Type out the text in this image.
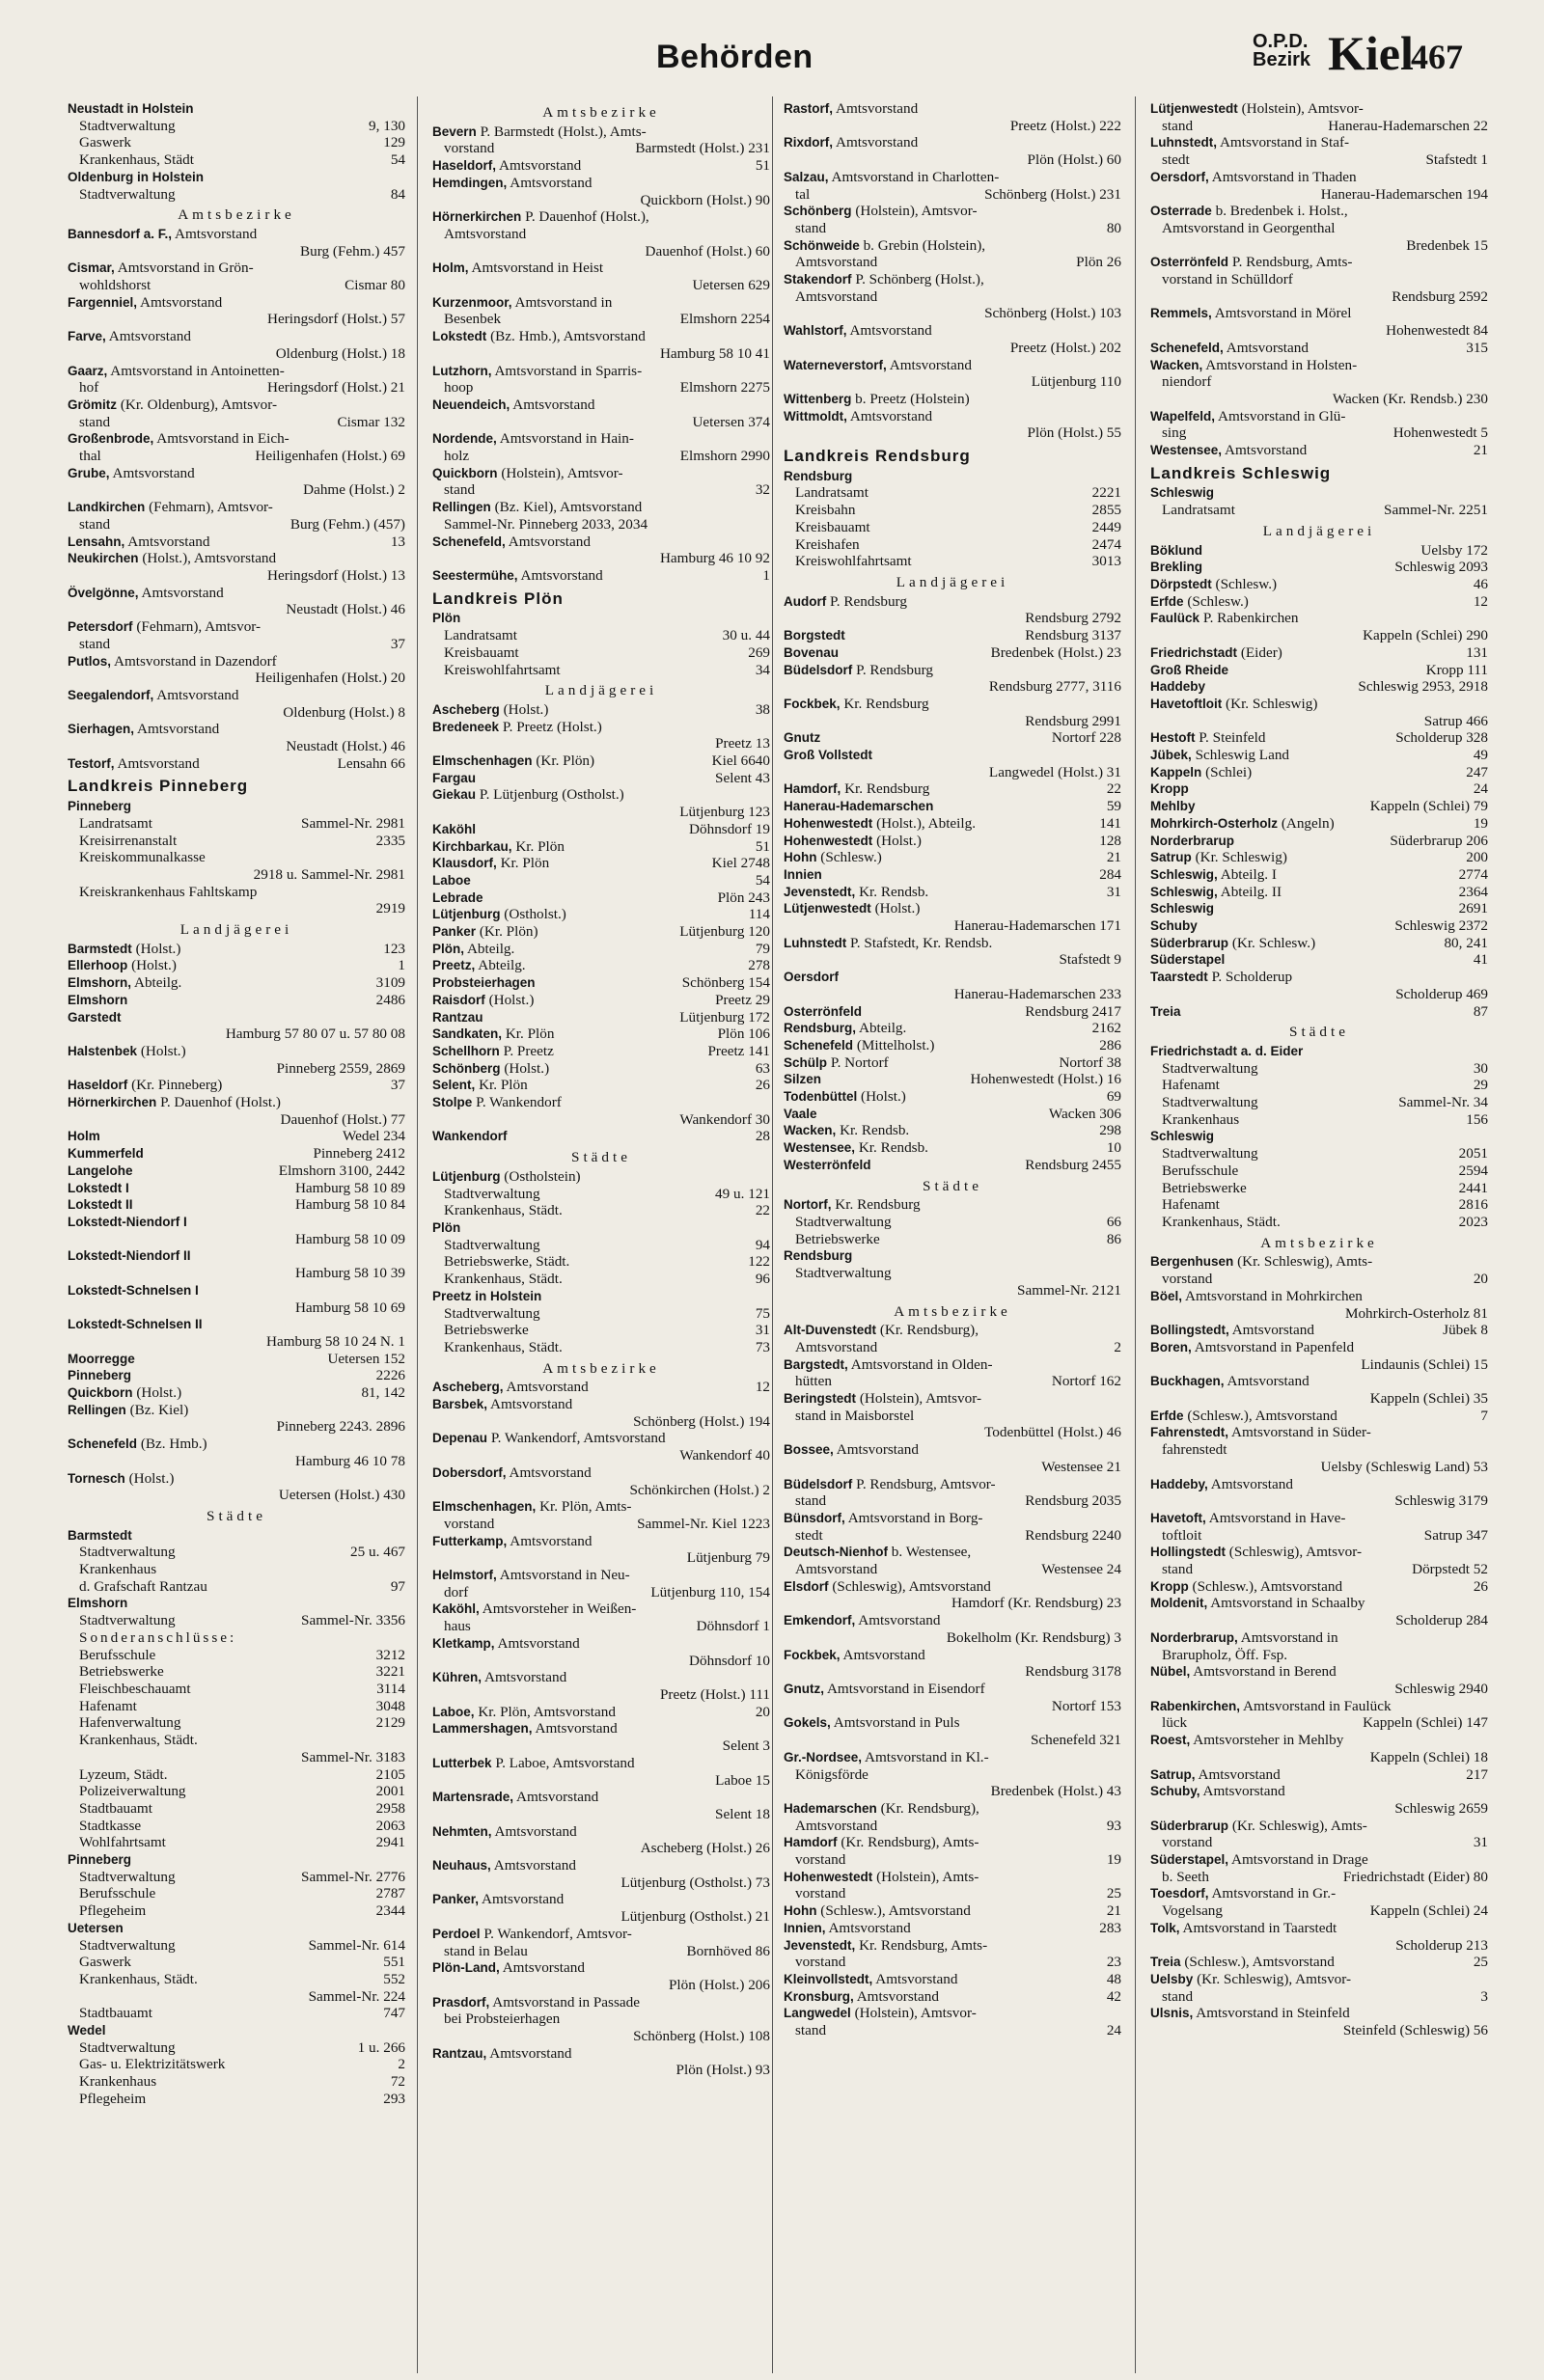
Behörden	O.P.D.
Bezirk Kiel
467
Neustadt in Holstein
Stadtverwaltung	9, 130
Gaswerk	129
Krankenhaus, Städt	54
Oldenburg in Holstein
Stadtverwaltung	84
Amtsbezirke
Bannesdorf a. F., Amtsvorstand
Burg (Fehm.) 457
Cismar, Amtsvorstand in Grön-
wohldshorst	Cismar 80
Fargenniel, Amtsvorstand
Heringsdorf (Holst.) 57
Farve, Amtsvorstand
Oldenburg (Holst.) 18
Gaarz, Amtsvorstand in Antoinetten-
hof	Heringsdorf (Holst.) 21
Grömitz (Kr. Oldenburg), Amtsvor-
stand	Cismar 132
Großenbrode, Amtsvorstand in Eich-
thal	Heiligenhafen (Holst.) 69
Grube, Amtsvorstand
Dahme (Holst.) 2
Landkirchen (Fehmarn), Amtsvor-
stand	Burg (Fehm.) (457)
Lensahn, Amtsvorstand	13
Neukirchen (Holst.), Amtsvorstand
Heringsdorf (Holst.) 13
Övelgönne, Amtsvorstand
Neustadt (Holst.) 46
Petersdorf (Fehmarn), Amtsvor-
stand	37
Putlos, Amtsvorstand in Dazendorf
Heiligenhafen (Holst.) 20
Seegalendorf, Amtsvorstand
Oldenburg (Holst.) 8
Sierhagen, Amtsvorstand
Neustadt (Holst.) 46
Testorf, Amtsvorstand	Lensahn 66
Landkreis Pinneberg
Pinneberg
Landratsamt	Sammel-Nr. 2981
Kreisirrenanstalt	2335
Kreiskommunalkasse
2918 u. Sammel-Nr. 2981
Kreiskrankenhaus Fahltskamp
2919
Landjägerei
Barmstedt (Holst.)	123
Ellerhoop (Holst.)	1
Elmshorn, Abteilg.	3109
Elmshorn	2486
Garstedt
Hamburg 57 80 07 u. 57 80 08
Halstenbek (Holst.)
Pinneberg 2559, 2869
Haseldorf (Kr. Pinneberg)	37
Hörnerkirchen P. Dauenhof (Holst.)
Dauenhof (Holst.) 77
Holm	Wedel 234
Kummerfeld	Pinneberg 2412
Langelohe	Elmshorn 3100, 2442
Lokstedt I	Hamburg 58 10 89
Lokstedt II	Hamburg 58 10 84
Lokstedt-Niendorf I
Hamburg 58 10 09
Lokstedt-Niendorf II
Hamburg 58 10 39
Lokstedt-Schnelsen I
Hamburg 58 10 69
Lokstedt-Schnelsen II
Hamburg 58 10 24 N. 1
Moorregge	Uetersen 152
Pinneberg	2226
Quickborn (Holst.)	81, 142
Rellingen (Bz. Kiel)
Pinneberg 2243. 2896
Schenefeld (Bz. Hmb.)
Hamburg 46 10 78
Tornesch (Holst.)
Uetersen (Holst.) 430
Städte
Barmstedt
Stadtverwaltung	25 u. 467
Krankenhaus
d. Grafschaft Rantzau	97
Elmshorn
Stadtverwaltung	Sammel-Nr. 3356
Sonderanschlüsse:
Berufsschule	3212
Betriebswerke	3221
Fleischbeschauamt	3114
Hafenamt	3048
Hafenverwaltung	2129
Krankenhaus, Städt.
Sammel-Nr. 3183
Lyzeum, Städt.	2105
Polizeiverwaltung	2001
Stadtbauamt	2958
Stadtkasse	2063
Wohlfahrtsamt	2941
Pinneberg
Stadtverwaltung	Sammel-Nr. 2776
Berufsschule	2787
Pflegeheim	2344
Uetersen
Stadtverwaltung	Sammel-Nr. 614
Gaswerk	551
Krankenhaus, Städt.	552
Sammel-Nr. 224
Stadtbauamt	747
Wedel
Stadtverwaltung	1 u. 266
Gas- u. Elektrizitätswerk	2
Krankenhaus	72
Pflegeheim	293
Amtsbezirke
Bevern P. Barmstedt (Holst.), Amts-
vorstand	Barmstedt (Holst.) 231
Haseldorf, Amtsvorstand	51
Hemdingen, Amtsvorstand
Quickborn (Holst.) 90
Hörnerkirchen P. Dauenhof (Holst.),
Amtsvorstand
Dauenhof (Holst.) 60
Holm, Amtsvorstand in Heist
Uetersen 629
Kurzenmoor, Amtsvorstand in
Besenbek	Elmshorn 2254
Lokstedt (Bz. Hmb.), Amtsvorstand
Hamburg 58 10 41
Lutzhorn, Amtsvorstand in Sparris-
hoop	Elmshorn 2275
Neuendeich, Amtsvorstand
Uetersen 374
Nordende, Amtsvorstand in Hain-
holz	Elmshorn 2990
Quickborn (Holstein), Amtsvor-
stand	32
Rellingen (Bz. Kiel), Amtsvorstand
Sammel-Nr. Pinneberg 2033, 2034
Schenefeld, Amtsvorstand
Hamburg 46 10 92
Seestermühe, Amtsvorstand	1
Landkreis Plön
Plön
Landratsamt	30 u. 44
Kreisbauamt	269
Kreiswohlfahrtsamt	34
Landjägerei
Ascheberg (Holst.)	38
Bredeneek P. Preetz (Holst.)
Preetz 13
Elmschenhagen (Kr. Plön)	Kiel 6640
Fargau	Selent 43
Giekau P. Lütjenburg (Ostholst.)
Lütjenburg 123
Kaköhl	Döhnsdorf 19
Kirchbarkau, Kr. Plön	51
Klausdorf, Kr. Plön	Kiel 2748
Laboe	54
Lebrade	Plön 243
Lütjenburg (Ostholst.)	114
Panker (Kr. Plön)	Lütjenburg 120
Plön, Abteilg.	79
Preetz, Abteilg.	278
Probsteierhagen	Schönberg 154
Raisdorf (Holst.)	Preetz 29
Rantzau	Lütjenburg 172
Sandkaten, Kr. Plön	Plön 106
Schellhorn P. Preetz	Preetz 141
Schönberg (Holst.)	63
Selent, Kr. Plön	26
Stolpe P. Wankendorf
Wankendorf 30
Wankendorf	28
Städte
Lütjenburg (Ostholstein)
Stadtverwaltung	49 u. 121
Krankenhaus, Städt.	22
Plön
Stadtverwaltung	94
Betriebswerke, Städt.	122
Krankenhaus, Städt.	96
Preetz in Holstein
Stadtverwaltung	75
Betriebswerke	31
Krankenhaus, Städt.	73
Amtsbezirke
Ascheberg, Amtsvorstand	12
Barsbek, Amtsvorstand
Schönberg (Holst.) 194
Depenau P. Wankendorf, Amtsvorstand
Wankendorf 40
Dobersdorf, Amtsvorstand
Schönkirchen (Holst.) 2
Elmschenhagen, Kr. Plön, Amts-
vorstand	Sammel-Nr. Kiel 1223
Futterkamp, Amtsvorstand
Lütjenburg 79
Helmstorf, Amtsvorstand in Neu-
dorf	Lütjenburg 110, 154
Kaköhl, Amtsvorsteher in Weißen-
haus	Döhnsdorf 1
Kletkamp, Amtsvorstand
Döhnsdorf 10
Kühren, Amtsvorstand
Preetz (Holst.) 111
Laboe, Kr. Plön, Amtsvorstand	20
Lammershagen, Amtsvorstand
Selent 3
Lutterbek P. Laboe, Amtsvorstand
Laboe 15
Martensrade, Amtsvorstand
Selent 18
Nehmten, Amtsvorstand
Ascheberg (Holst.) 26
Neuhaus, Amtsvorstand
Lütjenburg (Ostholst.) 73
Panker, Amtsvorstand
Lütjenburg (Ostholst.) 21
Perdoel P. Wankendorf, Amtsvor-
stand in Belau	Bornhöved 86
Plön-Land, Amtsvorstand
Plön (Holst.) 206
Prasdorf, Amtsvorstand in Passade
bei Probsteierhagen
Schönberg (Holst.) 108
Rantzau, Amtsvorstand
Plön (Holst.) 93
Rastorf, Amtsvorstand
Preetz (Holst.) 222
Rixdorf, Amtsvorstand
Plön (Holst.) 60
Salzau, Amtsvorstand in Charlotten-
tal	Schönberg (Holst.) 231
Schönberg (Holstein), Amtsvor-
stand	80
Schönweide b. Grebin (Holstein),
Amtsvorstand	Plön 26
Stakendorf P. Schönberg (Holst.),
Amtsvorstand
Schönberg (Holst.) 103
Wahlstorf, Amtsvorstand
Preetz (Holst.) 202
Waterneverstorf, Amtsvorstand
Lütjenburg 110
Wittenberg b. Preetz (Holstein)
Wittmoldt, Amtsvorstand
Plön (Holst.) 55
Landkreis Rendsburg
Rendsburg
Landratsamt	2221
Kreisbahn	2855
Kreisbauamt	2449
Kreishafen	2474
Kreiswohlfahrtsamt	3013
Landjägerei
Audorf P. Rendsburg
Rendsburg 2792
Borgstedt	Rendsburg 3137
Bovenau	Bredenbek (Holst.) 23
Büdelsdorf P. Rendsburg
Rendsburg 2777, 3116
Fockbek, Kr. Rendsburg
Rendsburg 2991
Gnutz	Nortorf 228
Groß Vollstedt
Langwedel (Holst.) 31
Hamdorf, Kr. Rendsburg	22
Hanerau-Hademarschen	59
Hohenwestedt (Holst.), Abteilg.	141
Hohenwestedt (Holst.)	128
Hohn (Schlesw.)	21
Innien	284
Jevenstedt, Kr. Rendsb.	31
Lütjenwestedt (Holst.)
Hanerau-Hademarschen 171
Luhnstedt P. Stafstedt, Kr. Rendsb.
Stafstedt 9
Oersdorf
Hanerau-Hademarschen 233
Osterrönfeld	Rendsburg 2417
Rendsburg, Abteilg.	2162
Schenefeld (Mittelholst.)	286
Schülp P. Nortorf	Nortorf 38
Silzen	Hohenwestedt (Holst.) 16
Todenbüttel (Holst.)	69
Vaale	Wacken 306
Wacken, Kr. Rendsb.	298
Westensee, Kr. Rendsb.	10
Westerrönfeld	Rendsburg 2455
Städte
Nortorf, Kr. Rendsburg
Stadtverwaltung	66
Betriebswerke	86
Rendsburg
Stadtverwaltung
Sammel-Nr. 2121
Amtsbezirke
Alt-Duvenstedt (Kr. Rendsburg),
Amtsvorstand	2
Bargstedt, Amtsvorstand in Olden-
hütten	Nortorf 162
Beringstedt (Holstein), Amtsvor-
stand in Maisborstel
Todenbüttel (Holst.) 46
Bossee, Amtsvorstand
Westensee 21
Büdelsdorf P. Rendsburg, Amtsvor-
stand	Rendsburg 2035
Bünsdorf, Amtsvorstand in Borg-
stedt	Rendsburg 2240
Deutsch-Nienhof b. Westensee,
Amtsvorstand	Westensee 24
Elsdorf (Schleswig), Amtsvorstand
Hamdorf (Kr. Rendsburg) 23
Emkendorf, Amtsvorstand
Bokelholm (Kr. Rendsburg) 3
Fockbek, Amtsvorstand
Rendsburg 3178
Gnutz, Amtsvorstand in Eisendorf
Nortorf 153
Gokels, Amtsvorstand in Puls
Schenefeld 321
Gr.-Nordsee, Amtsvorstand in Kl.-
Königsförde
Bredenbek (Holst.) 43
Hademarschen (Kr. Rendsburg),
Amtsvorstand	93
Hamdorf (Kr. Rendsburg), Amts-
vorstand	19
Hohenwestedt (Holstein), Amts-
vorstand	25
Hohn (Schlesw.), Amtsvorstand	21
Innien, Amtsvorstand	283
Jevenstedt, Kr. Rendsburg, Amts-
vorstand	23
Kleinvollstedt, Amtsvorstand	48
Kronsburg, Amtsvorstand	42
Langwedel (Holstein), Amtsvor-
stand	24
Lütjenwestedt (Holstein), Amtsvor-
stand	Hanerau-Hademarschen 22
Luhnstedt, Amtsvorstand in Staf-
stedt	Stafstedt 1
Oersdorf, Amtsvorstand in Thaden
Hanerau-Hademarschen 194
Osterrade b. Bredenbek i. Holst.,
Amtsvorstand in Georgenthal
Bredenbek 15
Osterrönfeld P. Rendsburg, Amts-
vorstand in Schülldorf
Rendsburg 2592
Remmels, Amtsvorstand in Mörel
Hohenwestedt 84
Schenefeld, Amtsvorstand	315
Wacken, Amtsvorstand in Holsten-
niendorf
Wacken (Kr. Rendsb.) 230
Wapelfeld, Amtsvorstand in Glü-
sing	Hohenwestedt 5
Westensee, Amtsvorstand	21
Landkreis Schleswig
Schleswig
Landratsamt	Sammel-Nr. 2251
Landjägerei
Böklund	Uelsby 172
Brekling	Schleswig 2093
Dörpstedt (Schlesw.)	46
Erfde (Schlesw.)	12
Faulück P. Rabenkirchen
Kappeln (Schlei) 290
Friedrichstadt (Eider)	131
Groß Rheide	Kropp 111
Haddeby	Schleswig 2953, 2918
Havetoftloit (Kr. Schleswig)
Satrup 466
Hestoft P. Steinfeld	Scholderup 328
Jübek, Schleswig Land	49
Kappeln (Schlei)	247
Kropp	24
Mehlby	Kappeln (Schlei) 79
Mohrkirch-Osterholz (Angeln)	19
Norderbrarup	Süderbrarup 206
Satrup (Kr. Schleswig)	200
Schleswig, Abteilg. I	2774
Schleswig, Abteilg. II	2364
Schleswig	2691
Schuby	Schleswig 2372
Süderbrarup (Kr. Schlesw.)	80, 241
Süderstapel	41
Taarstedt P. Scholderup
Scholderup 469
Treia	87
Städte
Friedrichstadt a. d. Eider
Stadtverwaltung	30
Hafenamt	29
Stadtverwaltung	Sammel-Nr. 34
Krankenhaus	156
Schleswig
Stadtverwaltung	2051
Berufsschule	2594
Betriebswerke	2441
Hafenamt	2816
Krankenhaus, Städt.	2023
Amtsbezirke
Bergenhusen (Kr. Schleswig), Amts-
vorstand	20
Böel, Amtsvorstand in Mohrkirchen
Mohrkirch-Osterholz 81
Bollingstedt, Amtsvorstand	Jübek 8
Boren, Amtsvorstand in Papenfeld
Lindaunis (Schlei) 15
Buckhagen, Amtsvorstand
Kappeln (Schlei) 35
Erfde (Schlesw.), Amtsvorstand	7
Fahrenstedt, Amtsvorstand in Süder-
fahrenstedt
Uelsby (Schleswig Land) 53
Haddeby, Amtsvorstand
Schleswig 3179
Havetoft, Amtsvorstand in Have-
toftloit	Satrup 347
Hollingstedt (Schleswig), Amtsvor-
stand	Dörpstedt 52
Kropp (Schlesw.), Amtsvorstand	26
Moldenit, Amtsvorstand in Schaalby
Scholderup 284
Norderbrarup, Amtsvorstand in
Brarupholz, Öff. Fsp.
Nübel, Amtsvorstand in Berend
Schleswig 2940
Rabenkirchen, Amtsvorstand in Faulück
lück	Kappeln (Schlei) 147
Roest, Amtsvorsteher in Mehlby
Kappeln (Schlei) 18
Satrup, Amtsvorstand	217
Schuby, Amtsvorstand
Schleswig 2659
Süderbrarup (Kr. Schleswig), Amts-
vorstand	31
Süderstapel, Amtsvorstand in Drage
b. Seeth	Friedrichstadt (Eider) 80
Toesdorf, Amtsvorstand in Gr.-
Vogelsang	Kappeln (Schlei) 24
Tolk, Amtsvorstand in Taarstedt
Scholderup 213
Treia (Schlesw.), Amtsvorstand	25
Uelsby (Kr. Schleswig), Amtsvor-
stand	3
Ulsnis, Amtsvorstand in Steinfeld
Steinfeld (Schleswig) 56
